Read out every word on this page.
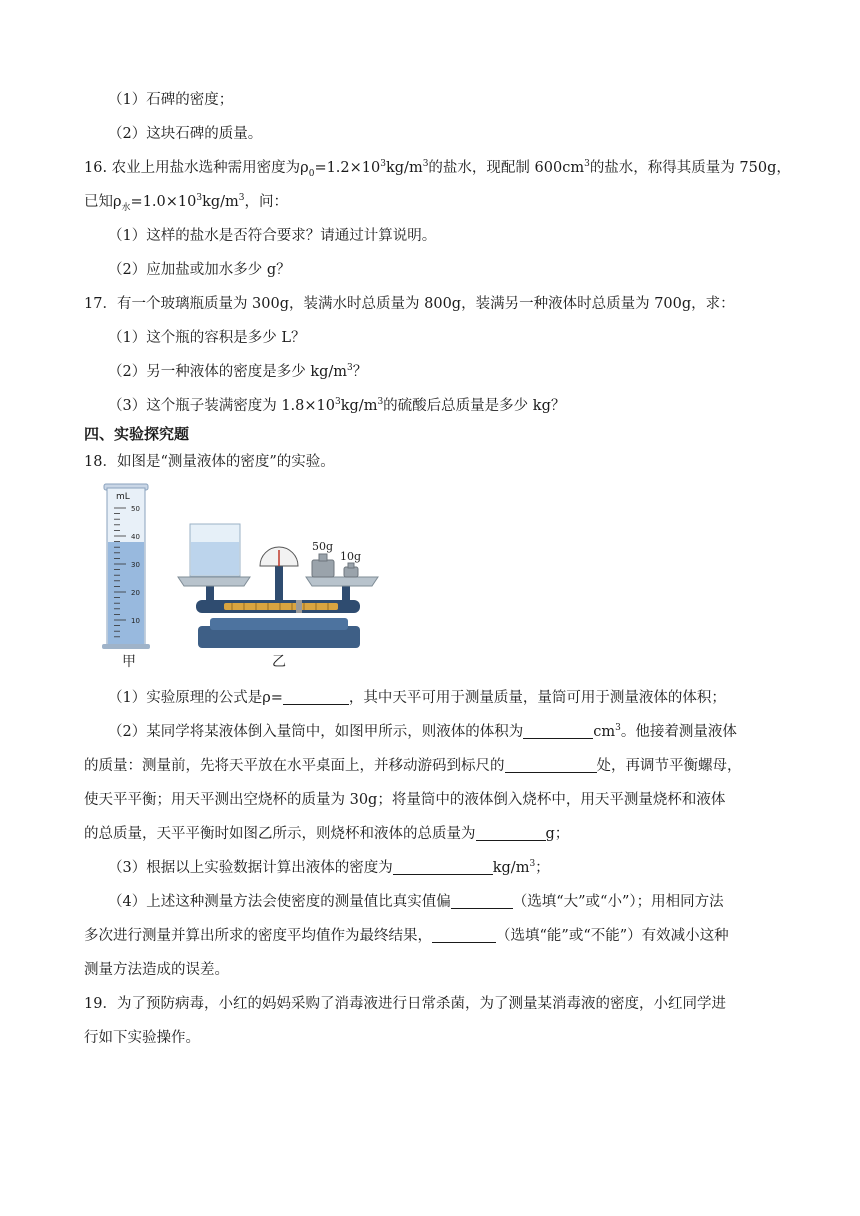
（1）石碑的密度；
（2）这块石碑的质量。
16. 农业上用盐水选种需用密度为$\rho_0=1.2\times 10^3kg/m^3$的盐水，现配制 $600cm^3$的盐水，称得其质量为 750g，
已知$\rho_水=1.0\times 10^3kg/m^3$，问：
（1）这样的盐水是否符合要求？请通过计算说明。
（2）应加盐或加水多少 g？
17．有一个玻璃瓶质量为 300g，装满水时总质量为 800g，装满另一种液体时总质量为 700g，求：
（1）这个瓶的容积是多少 L？
（2）另一种液体的密度是多少 $kg/m^3$？
（3）这个瓶子装满密度为 $1.8\times 10^3kg/m^3$的硫酸后总质量是多少 kg？
四、实验探究题
18．如图是“测量液体的密度”的实验。
mL
50
40
30
20
10
甲
50g
10g
乙
（1）实验原理的公式是ρ=	，其中天平可用于测量质量，量筒可用于测量液体的体积；
（2）某同学将某液体倒入量筒中，如图甲所示，则液体的体积为	$cm^3$。他接着测量液体
的质量：测量前，先将天平放在水平桌面上，并移动游码到标尺的	处，再调节平衡螺母，
使天平平衡；用天平测出空烧杯的质量为 30g；将量筒中的液体倒入烧杯中，用天平测量烧杯和液体
的总质量，天平平衡时如图乙所示，则烧杯和液体的总质量为	g；
（3）根据以上实验数据计算出液体的密度为	$kg/m^3$；
（4）上述这种测量方法会使密度的测量值比真实值偏	（选填“大”或“小”）；用相同方法
多次进行测量并算出所求的密度平均值作为最终结果，	（选填“能”或“不能”）有效减小这种
测量方法造成的误差。
19．为了预防病毒，小红的妈妈采购了消毒液进行日常杀菌，为了测量某消毒液的密度，小红同学进
行如下实验操作。
